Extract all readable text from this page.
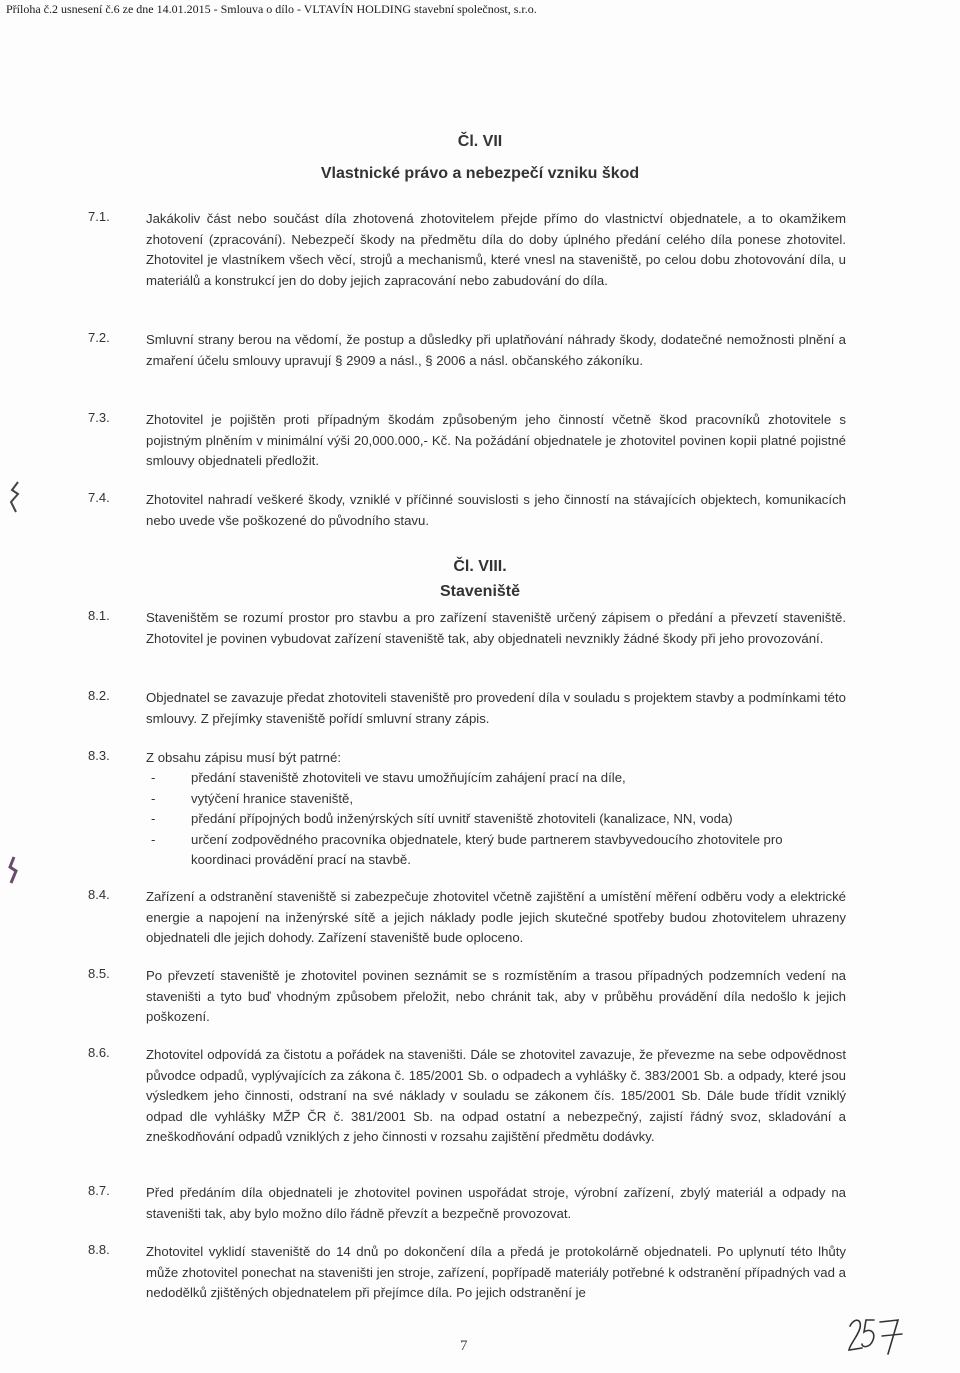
Příloha č.2 usnesení č.6 ze dne 14.01.2015 - Smlouva o dílo - VLTAVÍN HOLDING stavební společnost, s.r.o.
Čl. VII
Vlastnické právo a nebezpečí vzniku škod
7.1.	Jakákoliv část nebo součást díla zhotovená zhotovitelem přejde přímo do vlastnictví objednatele, a to okamžikem zhotovení (zpracování). Nebezpečí škody na předmětu díla do doby úplného předání celého díla ponese zhotovitel. Zhotovitel je vlastníkem všech věcí, strojů a mechanismů, které vnesl na staveniště, po celou dobu zhotovování díla, u materiálů a konstrukcí jen do doby jejich zapracování nebo zabudování do díla.
7.2.	Smluvní strany berou na vědomí, že postup a důsledky při uplatňování náhrady škody, dodatečné nemožnosti plnění a zmaření účelu smlouvy upravují § 2909 a násl., § 2006 a násl. občanského zákoníku.
7.3.	Zhotovitel je pojištěn proti případným škodám způsobeným jeho činností včetně škod pracovníků zhotovitele s pojistným plněním v minimální výši 20,000.000,- Kč. Na požádání objednatele je zhotovitel povinen kopii platné pojistné smlouvy objednateli předložit.
7.4.	Zhotovitel nahradí veškeré škody, vzniklé v příčinné souvislosti s jeho činností na stávajících objektech, komunikacích nebo uvede vše poškozené do původního stavu.
Čl. VIII.
Staveniště
8.1.	Staveništěm se rozumí prostor pro stavbu a pro zařízení staveniště určený zápisem o předání a převzetí staveniště. Zhotovitel je povinen vybudovat zařízení staveniště tak, aby objednateli nevznikly žádné škody při jeho provozování.
8.2.	Objednatel se zavazuje předat zhotoviteli staveniště pro provedení díla v souladu s projektem stavby a podmínkami této smlouvy. Z přejímky staveniště pořídí smluvní strany zápis.
8.3.	Z obsahu zápisu musí být patrné:
-	předání staveniště zhotoviteli ve stavu umožňujícím zahájení prací na díle,
-	vytýčení hranice staveniště,
-	předání přípojných bodů inženýrských sítí uvnitř staveniště zhotoviteli (kanalizace, NN, voda)
-	určení zodpovědného pracovníka objednatele, který bude partnerem stavbyvedoucího zhotovitele pro koordinaci provádění prací na stavbě.
8.4.	Zařízení a odstranění staveniště si zabezpečuje zhotovitel včetně zajištění a umístění měření odběru vody a elektrické energie a napojení na inženýrské sítě a jejich náklady podle jejich skutečné spotřeby budou zhotovitelem uhrazeny objednateli dle jejich dohody. Zařízení staveniště bude oploceno.
8.5.	Po převzetí staveniště je zhotovitel povinen seznámit se s rozmístěním a trasou případných podzemních vedení na staveništi a tyto buď vhodným způsobem přeložit, nebo chránit tak, aby v průběhu provádění díla nedošlo k jejich poškození.
8.6.	Zhotovitel odpovídá za čistotu a pořádek na staveništi. Dále se zhotovitel zavazuje, že převezme na sebe odpovědnost původce odpadů, vyplývajících za zákona č. 185/2001 Sb. o odpadech a vyhlášky č. 383/2001 Sb. a odpady, které jsou výsledkem jeho činnosti, odstraní na své náklady v souladu se zákonem čís. 185/2001 Sb. Dále bude třídit vzniklý odpad dle vyhlášky MŽP ČR č. 381/2001 Sb. na odpad ostatní a nebezpečný, zajistí řádný svoz, skladování a zneškodňování odpadů vzniklých z jeho činnosti v rozsahu zajištění předmětu dodávky.
8.7.	Před předáním díla objednateli je zhotovitel povinen uspořádat stroje, výrobní zařízení, zbylý materiál a odpady na staveništi tak, aby bylo možno dílo řádně převzít a bezpečně provozovat.
8.8.	Zhotovitel vyklidí staveniště do 14 dnů po dokončení díla a předá je protokolárně objednateli. Po uplynutí této lhůty může zhotovitel ponechat na staveništi jen stroje, zařízení, popřípadě materiály potřebné k odstranění případných vad a nedodělků zjištěných objednatelem při přejímce díla. Po jejich odstranění je
7
